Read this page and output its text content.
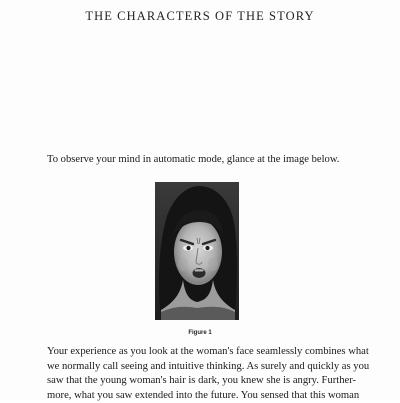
THE CHARACTERS OF THE STORY
To observe your mind in automatic mode, glance at the image below.
Figure 1
Your experience as you look at the woman's face seamlessly combines what
we normally call seeing and intuitive thinking. As surely and quickly as you
saw that the young woman's hair is dark, you knew she is angry. Further-
more, what you saw extended into the future. You sensed that this woman
